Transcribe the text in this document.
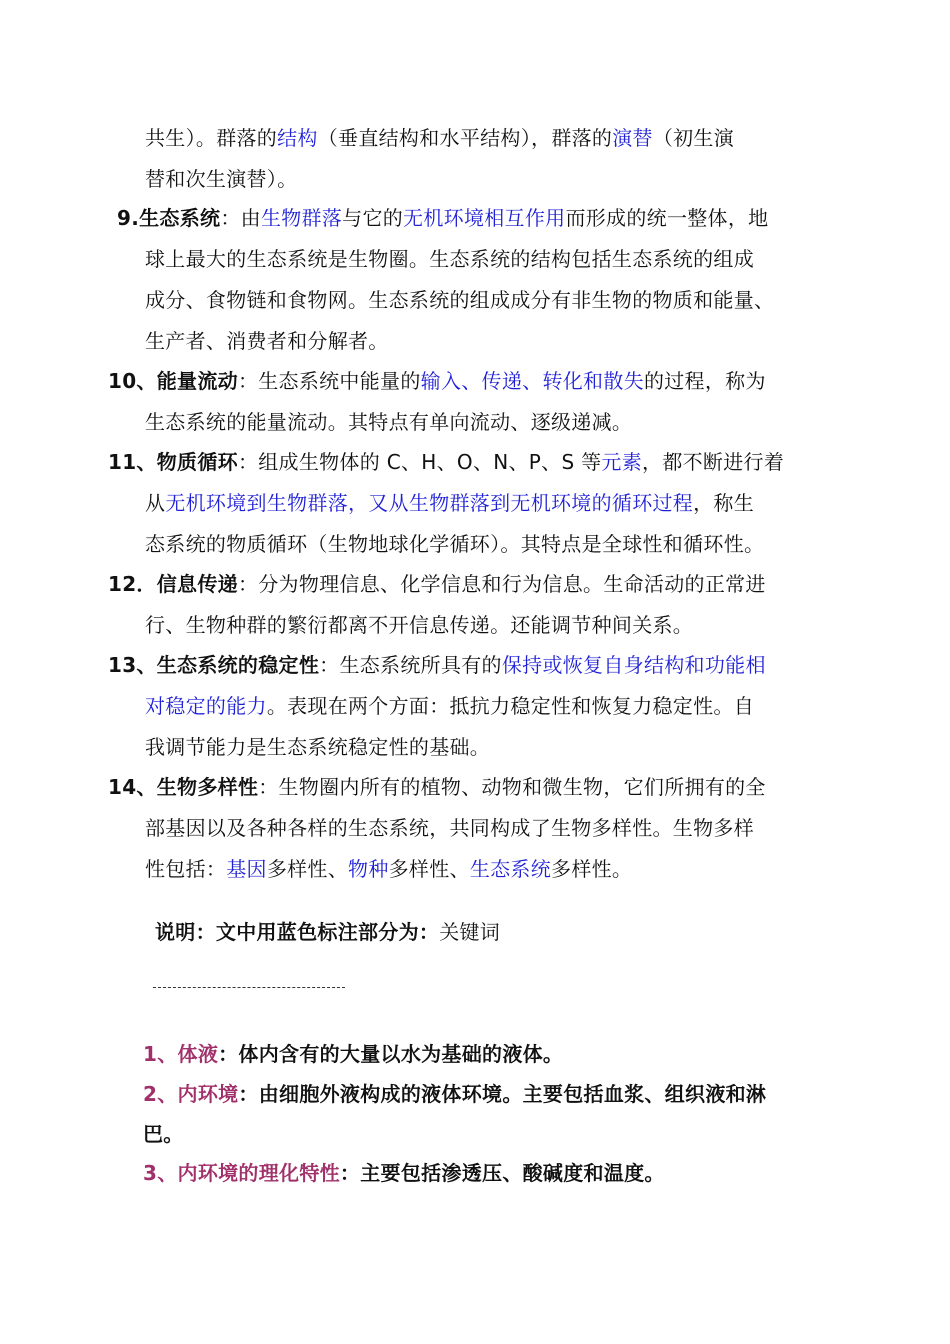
共生）。群落的结构（垂直结构和水平结构），群落的演替（初生演
替和次生演替）。
9.生态系统：由生物群落与它的无机环境相互作用而形成的统一整体，地
球上最大的生态系统是生物圈。生态系统的结构包括生态系统的组成
成分、食物链和食物网。生态系统的组成成分有非生物的物质和能量、
生产者、消费者和分解者。
10、能量流动：生态系统中能量的输入、传递、转化和散失的过程，称为
生态系统的能量流动。其特点有单向流动、逐级递减。
11、物质循环：组成生物体的 C、H、O、N、P、S 等元素，都不断进行着
从无机环境到生物群落，又从生物群落到无机环境的循环过程，称生
态系统的物质循环（生物地球化学循环）。其特点是全球性和循环性。
12．信息传递：分为物理信息、化学信息和行为信息。生命活动的正常进
行、生物种群的繁衍都离不开信息传递。还能调节种间关系。
13、生态系统的稳定性：生态系统所具有的保持或恢复自身结构和功能相
对稳定的能力。表现在两个方面：抵抗力稳定性和恢复力稳定性。自
我调节能力是生态系统稳定性的基础。
14、生物多样性：生物圈内所有的植物、动物和微生物，它们所拥有的全
部基因以及各种各样的生态系统，共同构成了生物多样性。生物多样
性包括：基因多样性、物种多样性、生态系统多样性。
说明：文中用蓝色标注部分为：关键词
1、体液：体内含有的大量以水为基础的液体。
2、内环境：由细胞外液构成的液体环境。主要包括血浆、组织液和淋
巴。
3、内环境的理化特性：主要包括渗透压、酸碱度和温度。
